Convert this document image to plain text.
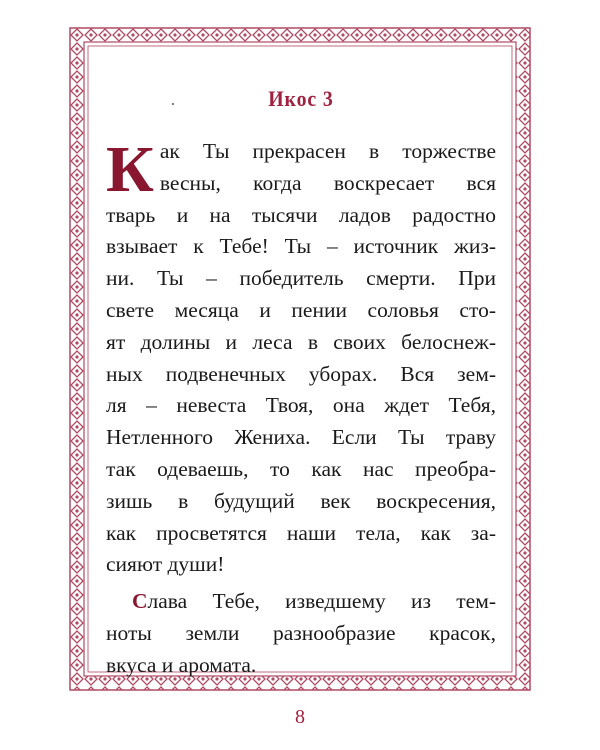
Икос 3

К ак Ты прекрасен в торжестве
весны, когда воскресает вся
тварь и на тысячи ладов радостно
взывает к Тебе! Ты – источник жиз-
ни. Ты – победитель смерти. При
свете месяца и пении соловья сто-
ят долины и леса в своих белоснеж-
ных подвенечных уборах. Вся зем-
ля – невеста Твоя, она ждет Тебя,
Нетленного Жениха. Если Ты траву
так одеваешь, то как нас преобра-
зишь в будущий век воскресения,
как просветятся наши тела, как за-
сияют души!

Слава Тебе, изведшему из тем-
ноты земли разнообразие красок,
вкуса и аромата.

8
